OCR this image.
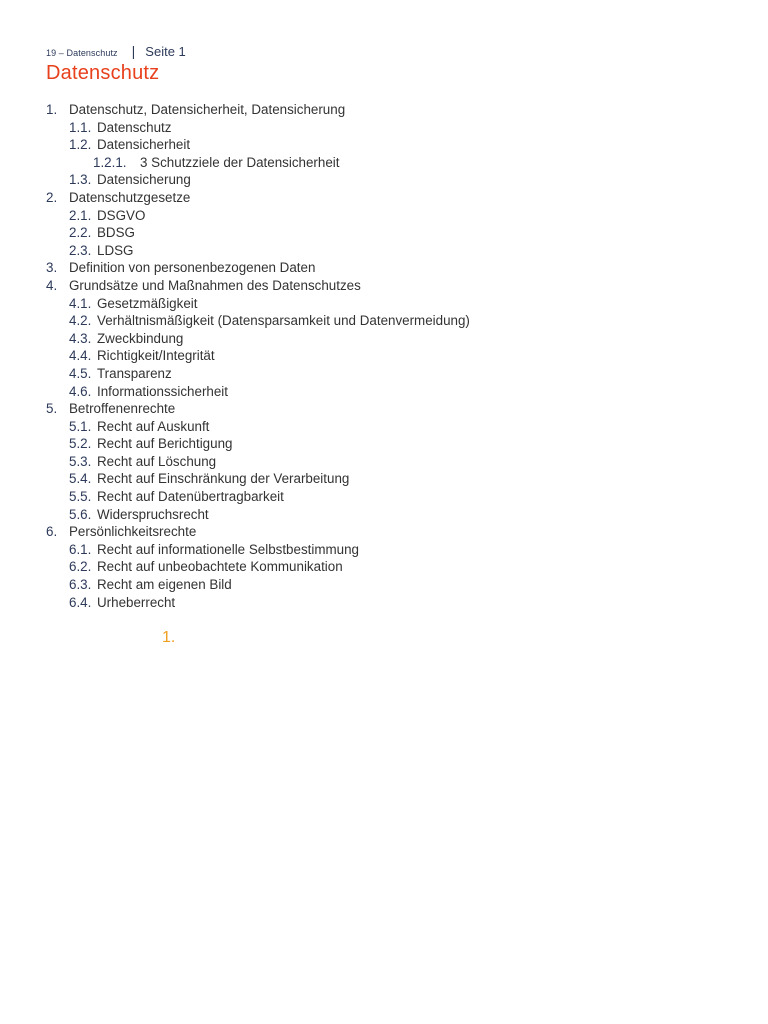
19 – Datenschutz | Seite 1
Datenschutz
1. Datenschutz, Datensicherheit, Datensicherung
1.1. Datenschutz
1.2. Datensicherheit
1.2.1. 3 Schutzziele der Datensicherheit
1.3. Datensicherung
2. Datenschutzgesetze
2.1. DSGVO
2.2. BDSG
2.3. LDSG
3. Definition von personenbezogenen Daten
4. Grundsätze und Maßnahmen des Datenschutzes
4.1. Gesetzmäßigkeit
4.2. Verhältnismäßigkeit (Datensparsamkeit und Datenvermeidung)
4.3. Zweckbindung
4.4. Richtigkeit/Integrität
4.5. Transparenz
4.6. Informationssicherheit
5. Betroffenenrechte
5.1. Recht auf Auskunft
5.2. Recht auf Berichtigung
5.3. Recht auf Löschung
5.4. Recht auf Einschränkung der Verarbeitung
5.5. Recht auf Datenübertragbarkeit
5.6. Widerspruchsrecht
6. Persönlichkeitsrechte
6.1. Recht auf informationelle Selbstbestimmung
6.2. Recht auf unbeobachtete Kommunikation
6.3. Recht am eigenen Bild
6.4. Urheberrecht
1.
